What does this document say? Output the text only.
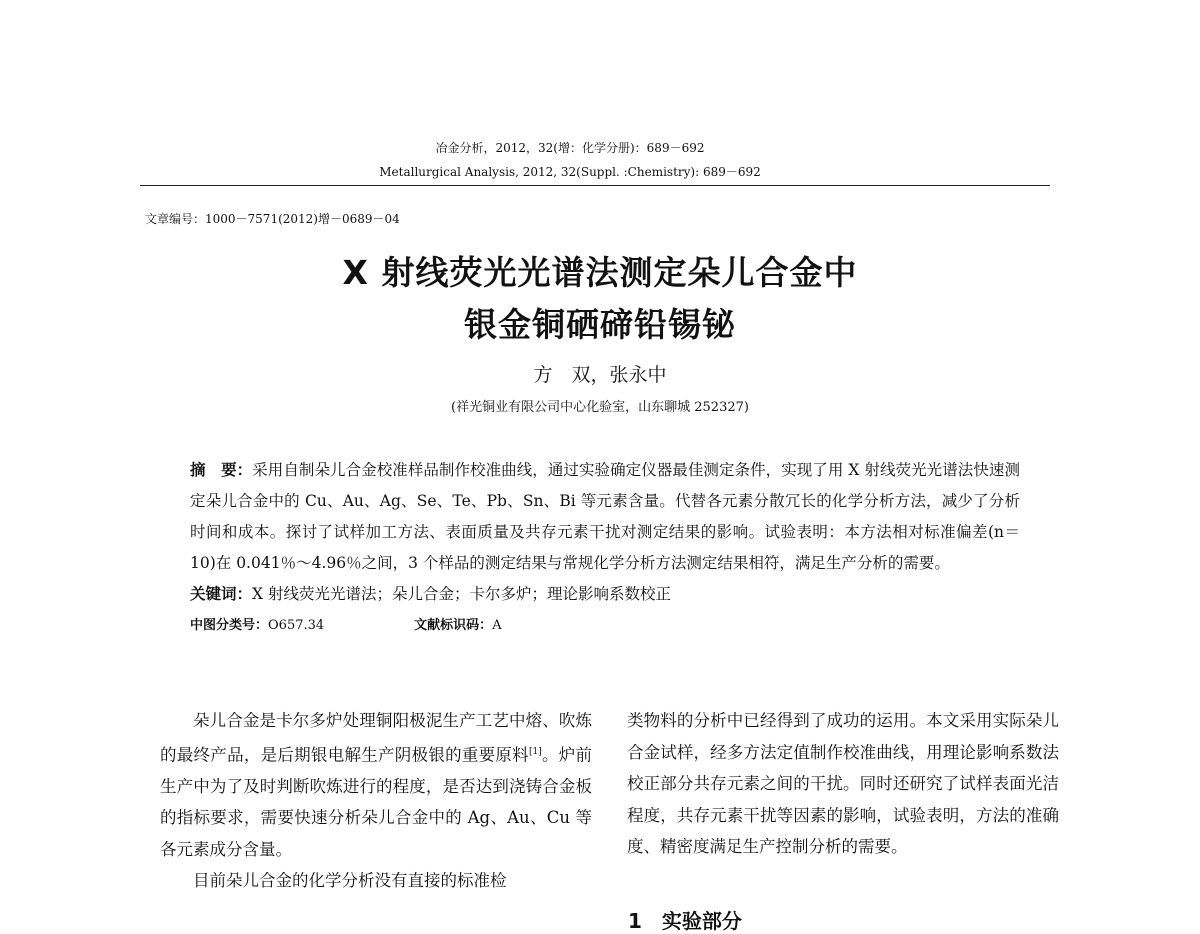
冶金分析，2012，32(增：化学分册)：689－692
Metallurgical Analysis, 2012, 32(Suppl. :Chemistry): 689－692
文章编号：1000－7571(2012)增－0689－04
X 射线荧光光谱法测定朵儿合金中
银金铜硒碲铅锡铋
方　双，张永中
(祥光铜业有限公司中心化验室，山东聊城 252327)

摘　要：采用自制朵儿合金校准样品制作校准曲线，通过实验确定仪器最佳测定条件，实现了用 X 射线荧光光谱法快速测定朵儿合金中的 Cu、Au、Ag、Se、Te、Pb、Sn、Bi 等元素含量。代替各元素分散冗长的化学分析方法，减少了分析时间和成本。探讨了试样加工方法、表面质量及共存元素干扰对测定结果的影响。试验表明：本方法相对标准偏差(n＝10)在 0.041％～4.96％之间，3 个样品的测定结果与常规化学分析方法测定结果相符，满足生产分析的需要。

关键词：X 射线荧光光谱法；朵儿合金；卡尔多炉；理论影响系数校正

中图分类号：O657.34	文献标识码：A

朵儿合金是卡尔多炉处理铜阳极泥生产工艺中熔、吹炼的最终产品，是后期银电解生产阴极银的重要原料[1]。炉前生产中为了及时判断吹炼进行的程度，是否达到浇铸合金板的指标要求，需要快速分析朵儿合金中的 Ag、Au、Cu 等各元素成分含量。

目前朵儿合金的化学分析没有直接的标准检

类物料的分析中已经得到了成功的运用。本文采用实际朵儿合金试样，经多方法定值制作校准曲线，用理论影响系数法校正部分共存元素之间的干扰。同时还研究了试样表面光洁程度，共存元素干扰等因素的影响，试验表明，方法的准确度、精密度满足生产控制分析的需要。

1　实验部分
